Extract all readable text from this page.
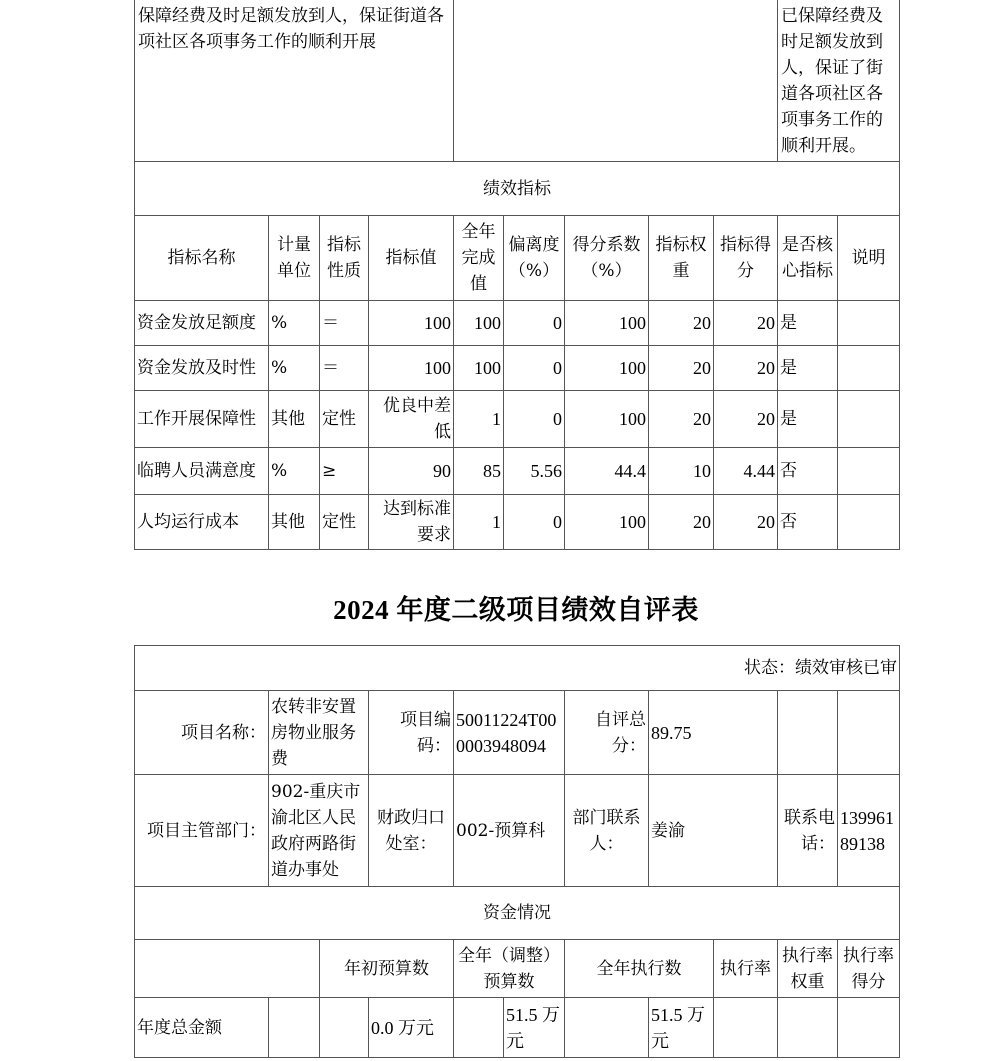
保障经费及时足额发放到人，保证街道各项社区各项事务工作的顺利开展									已保障经费及时足额发放到人，保证了街道各项社区各项事务工作的顺利开展。	
绩效指标										
指标名称	计量单位	指标性质	指标值	全年完成值	偏离度（%）	得分系数（%）	指标权重	指标得分	是否核心指标	说明
资金发放足额度	%	＝	100	100	0	100	20	20	是	
资金发放及时性	%	＝	100	100	0	100	20	20	是	
工作开展保障性	其他	定性	优良中差低	1	0	100	20	20	是	
临聘人员满意度	%	≥	90	85	5.56	44.4	10	4.44	否	
人均运行成本	其他	定性	达到标准要求	1	0	100	20	20	否	
2024 年度二级项目绩效自评表
状态：绩效审核已审										
项目名称：	农转非安置房物业服务费		项目编码：	50011224T000003948094		自评总分：	89.75			
项目主管部门：	902-重庆市渝北区人民政府两路街道办事处		财政归口处室：	002-预算科		部门联系人：	姜渝		联系电话：	13996189138
资金情况										
		年初预算数		全年（调整）预算数		全年执行数		执行率	执行率权重	执行率得分
年度总金额			0.0 万元		51.5 万元		51.5 万元			
